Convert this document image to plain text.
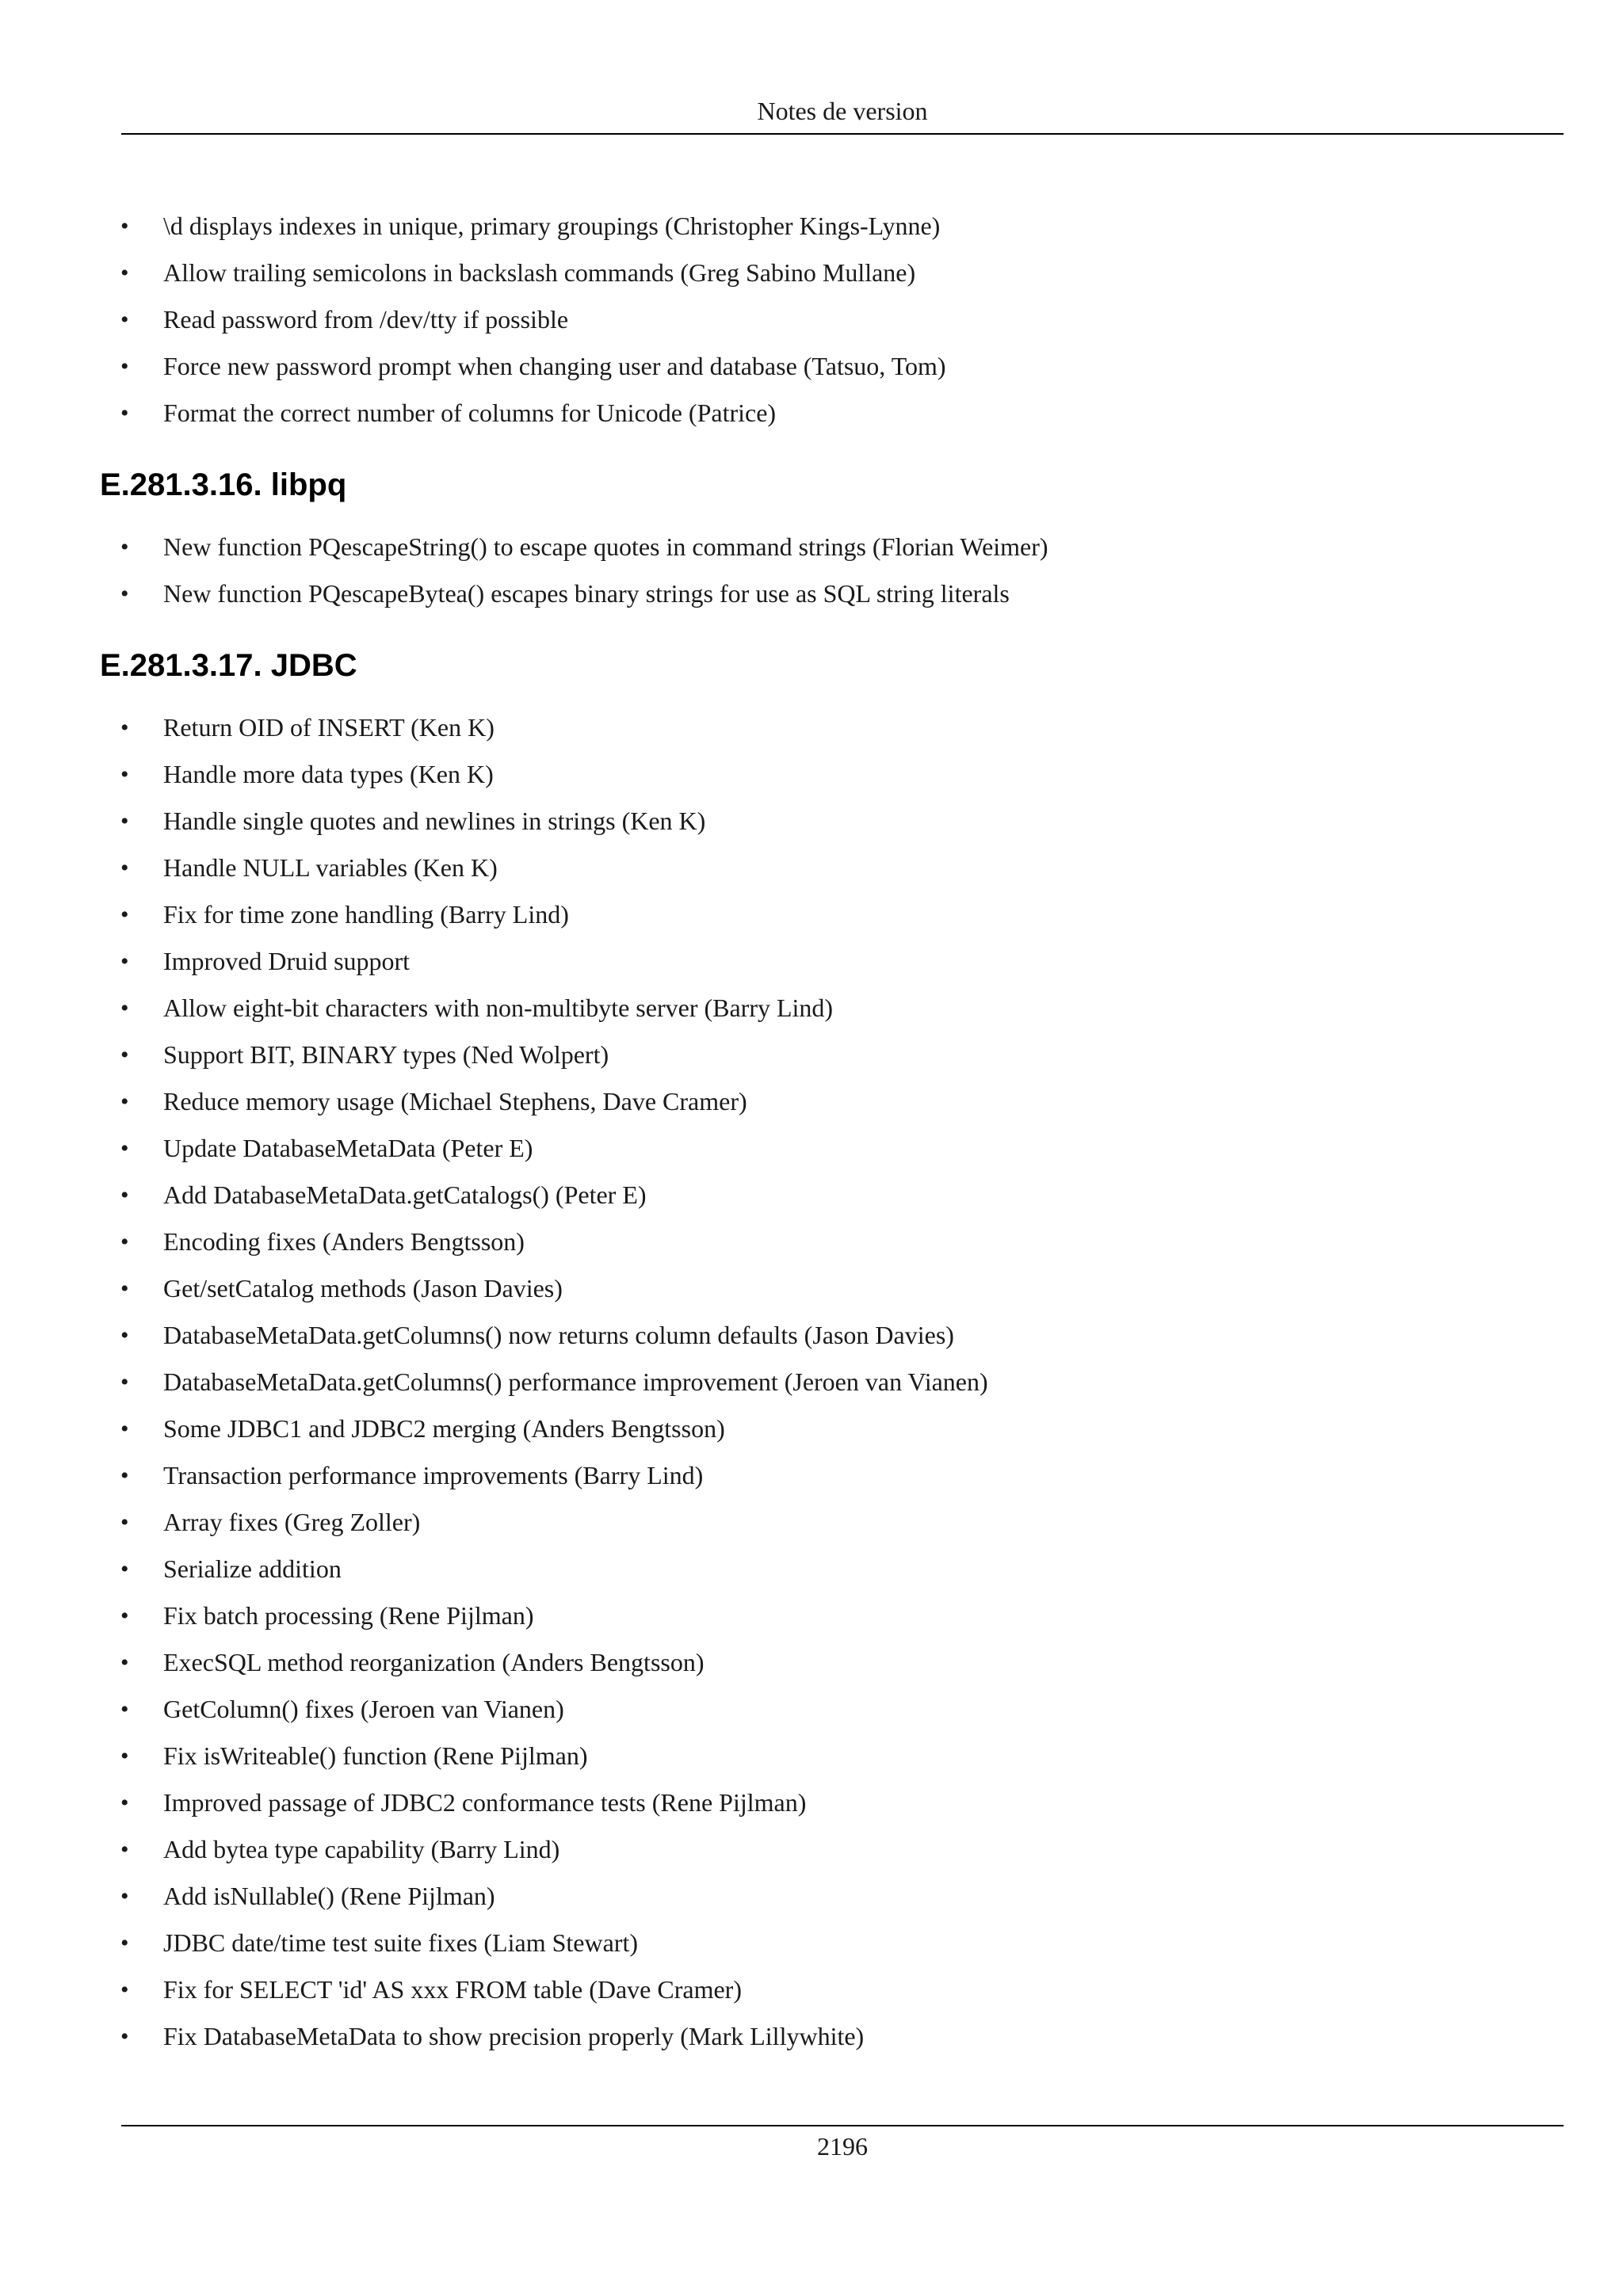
Notes de version
• \d displays indexes in unique, primary groupings (Christopher Kings-Lynne)
• Allow trailing semicolons in backslash commands (Greg Sabino Mullane)
• Read password from /dev/tty if possible
• Force new password prompt when changing user and database (Tatsuo, Tom)
• Format the correct number of columns for Unicode (Patrice)
E.281.3.16. libpq
• New function PQescapeString() to escape quotes in command strings (Florian Weimer)
• New function PQescapeBytea() escapes binary strings for use as SQL string literals
E.281.3.17. JDBC
• Return OID of INSERT (Ken K)
• Handle more data types (Ken K)
• Handle single quotes and newlines in strings (Ken K)
• Handle NULL variables (Ken K)
• Fix for time zone handling (Barry Lind)
• Improved Druid support
• Allow eight-bit characters with non-multibyte server (Barry Lind)
• Support BIT, BINARY types (Ned Wolpert)
• Reduce memory usage (Michael Stephens, Dave Cramer)
• Update DatabaseMetaData (Peter E)
• Add DatabaseMetaData.getCatalogs() (Peter E)
• Encoding fixes (Anders Bengtsson)
• Get/setCatalog methods (Jason Davies)
• DatabaseMetaData.getColumns() now returns column defaults (Jason Davies)
• DatabaseMetaData.getColumns() performance improvement (Jeroen van Vianen)
• Some JDBC1 and JDBC2 merging (Anders Bengtsson)
• Transaction performance improvements (Barry Lind)
• Array fixes (Greg Zoller)
• Serialize addition
• Fix batch processing (Rene Pijlman)
• ExecSQL method reorganization (Anders Bengtsson)
• GetColumn() fixes (Jeroen van Vianen)
• Fix isWriteable() function (Rene Pijlman)
• Improved passage of JDBC2 conformance tests (Rene Pijlman)
• Add bytea type capability (Barry Lind)
• Add isNullable() (Rene Pijlman)
• JDBC date/time test suite fixes (Liam Stewart)
• Fix for SELECT 'id' AS xxx FROM table (Dave Cramer)
• Fix DatabaseMetaData to show precision properly (Mark Lillywhite)
2196
